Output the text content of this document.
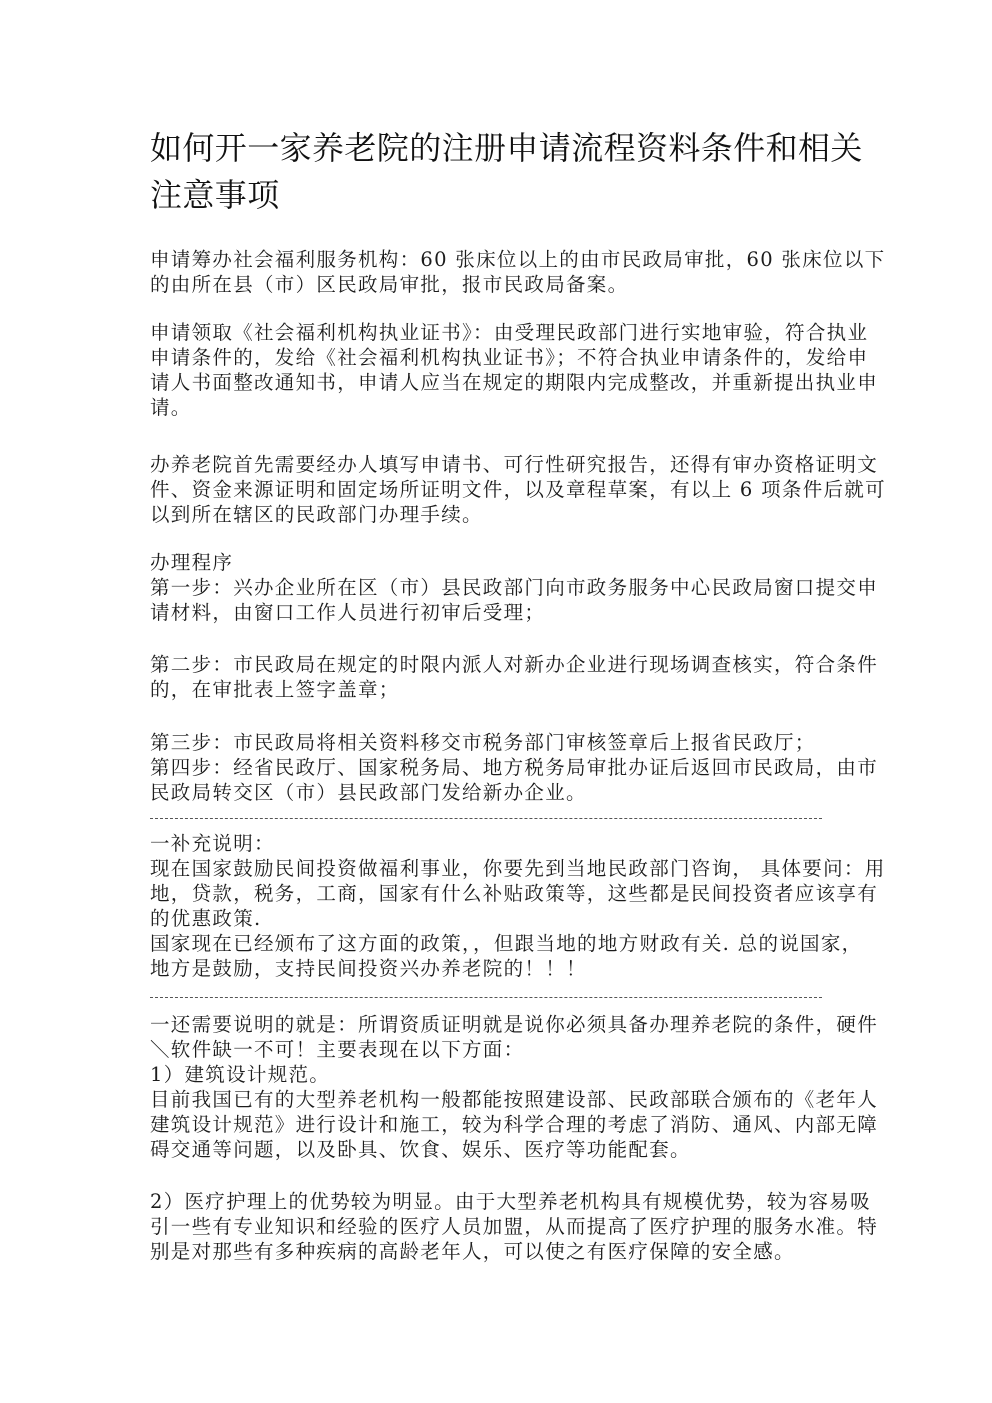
如何开一家养老院的注册申请流程资料条件和相关
注意事项
申请筹办社会福利服务机构：60 张床位以上的由市民政局审批，60 张床位以下
的由所在县（市）区民政局审批，报市民政局备案。
申请领取《社会福利机构执业证书》：由受理民政部门进行实地审验，符合执业
申请条件的，发给《社会福利机构执业证书》；不符合执业申请条件的，发给申
请人书面整改通知书，申请人应当在规定的期限内完成整改，并重新提出执业申
请。
办养老院首先需要经办人填写申请书、可行性研究报告，还得有审办资格证明文
件、资金来源证明和固定场所证明文件，以及章程草案，有以上 6 项条件后就可
以到所在辖区的民政部门办理手续。
办理程序
第一步：兴办企业所在区（市）县民政部门向市政务服务中心民政局窗口提交申
请材料，由窗口工作人员进行初审后受理；
第二步：市民政局在规定的时限内派人对新办企业进行现场调查核实，符合条件
的，在审批表上签字盖章；
第三步：市民政局将相关资料移交市税务部门审核签章后上报省民政厅；
第四步：经省民政厅、国家税务局、地方税务局审批办证后返回市民政局，由市
民政局转交区（市）县民政部门发给新办企业。
一补充说明：
现在国家鼓励民间投资做福利事业，你要先到当地民政部门咨询， 具体要问：用
地，贷款，税务，工商，国家有什么补贴政策等，这些都是民间投资者应该享有
的优惠政策.
国家现在已经颁布了这方面的政策，，但跟当地的地方财政有关. 总的说国家，
地方是鼓励，支持民间投资兴办养老院的！！！
一还需要说明的就是：所谓资质证明就是说你必须具备办理养老院的条件，硬件
＼软件缺一不可！主要表现在以下方面：
1）建筑设计规范。
目前我国已有的大型养老机构一般都能按照建设部、民政部联合颁布的《老年人
建筑设计规范》进行设计和施工，较为科学合理的考虑了消防、通风、内部无障
碍交通等问题，以及卧具、饮食、娱乐、医疗等功能配套。
2）医疗护理上的优势较为明显。由于大型养老机构具有规模优势，较为容易吸
引一些有专业知识和经验的医疗人员加盟，从而提高了医疗护理的服务水准。特
别是对那些有多种疾病的高龄老年人，可以使之有医疗保障的安全感。
